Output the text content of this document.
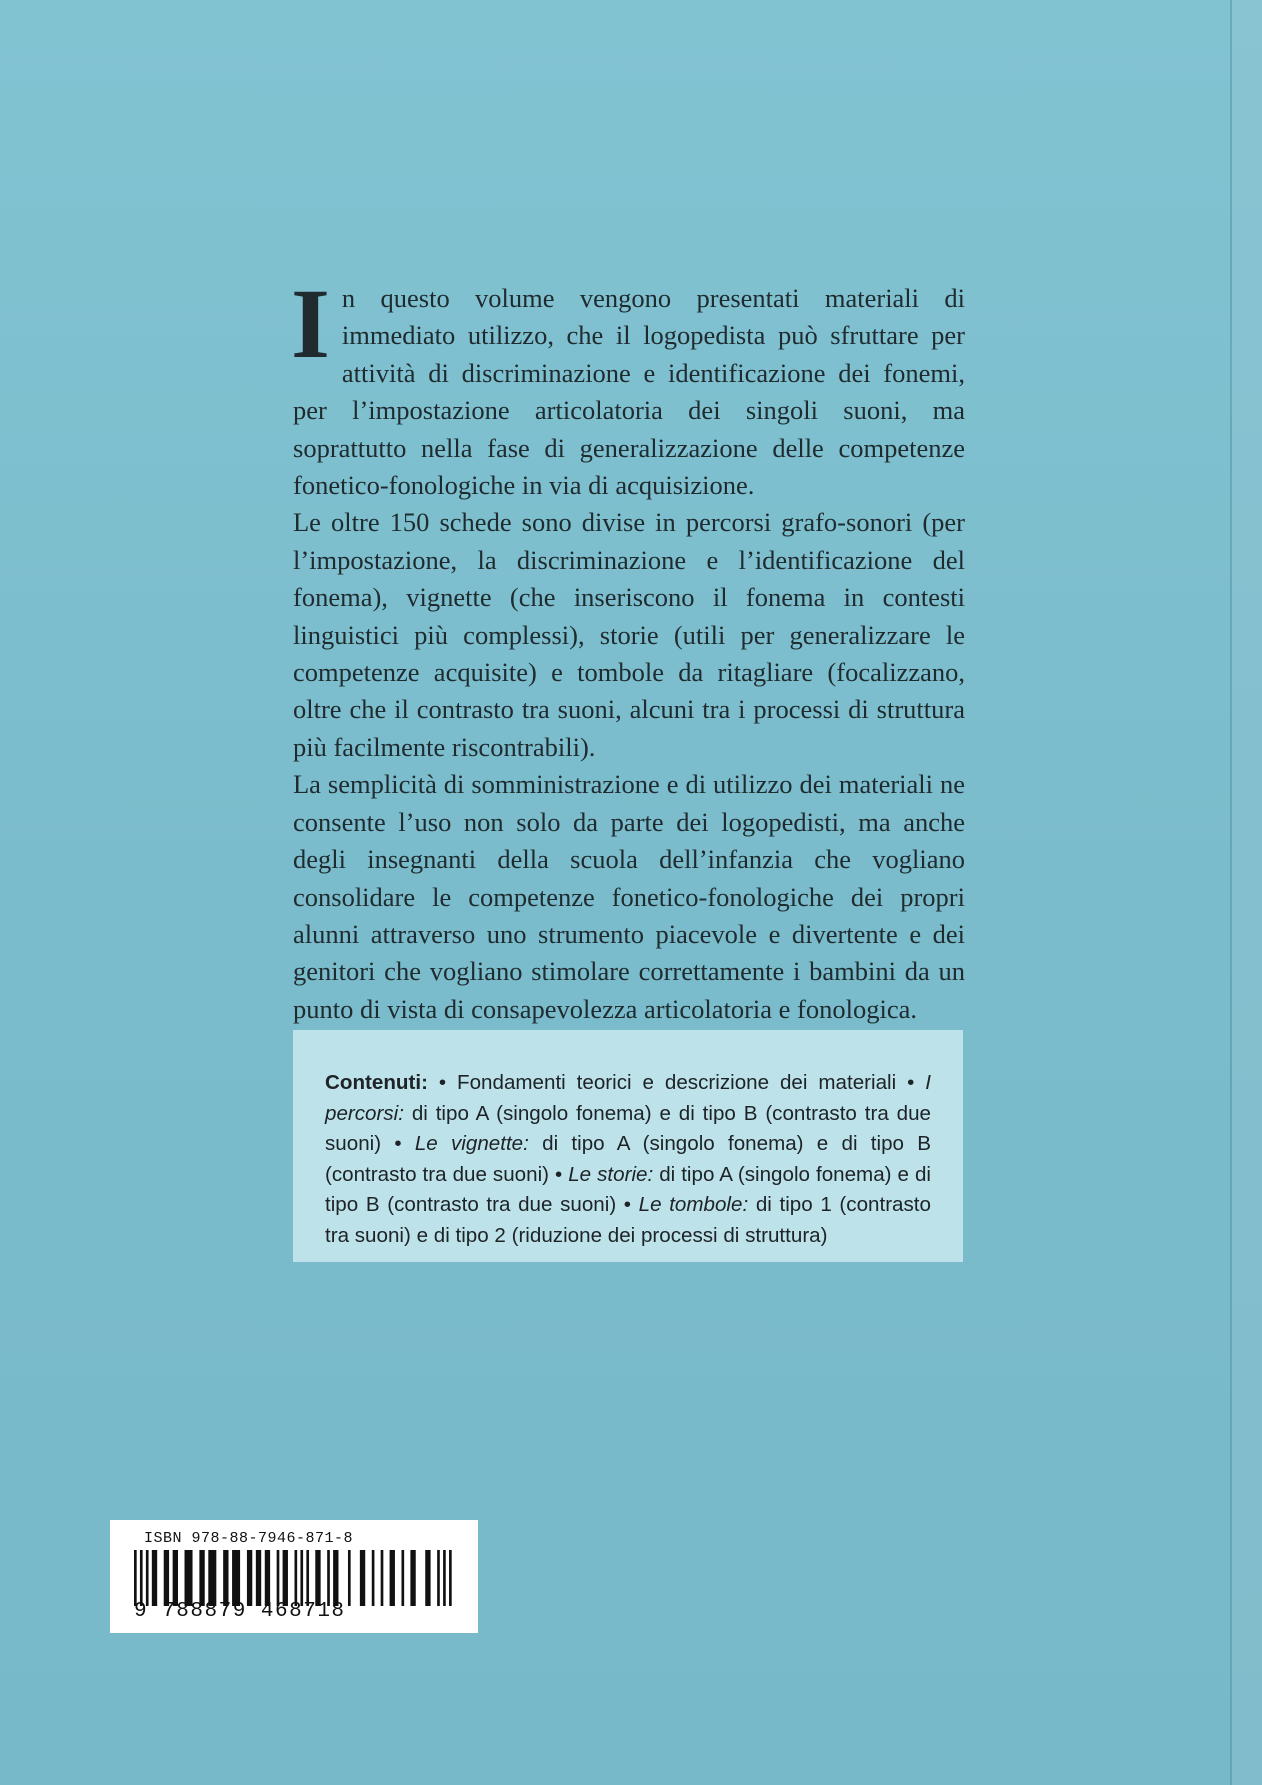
In questo volume vengono presentati materiali di immediato utilizzo, che il logopedista può sfruttare per attività di discriminazione e identificazione dei fonemi, per l’impostazione articolatoria dei singoli suoni, ma soprattutto nella fase di generalizzazione delle competenze fonetico-fonologiche in via di acquisizione.

Le oltre 150 schede sono divise in percorsi grafo-sonori (per l’impostazione, la discriminazione e l’identificazione del fonema), vignette (che inseriscono il fonema in contesti linguistici più complessi), storie (utili per generalizzare le competenze acquisite) e tombole da ritagliare (focalizzano, oltre che il contrasto tra suoni, alcuni tra i processi di struttura più facilmente riscontrabili).

La semplicità di somministrazione e di utilizzo dei materiali ne consente l’uso non solo da parte dei logopedisti, ma anche degli insegnanti della scuola dell’infanzia che vogliano consolidare le competenze fonetico-fonologiche dei propri alunni attraverso uno strumento piacevole e divertente e dei genitori che vogliano stimolare correttamente i bambini da un punto di vista di consapevolezza articolatoria e fonologica.

Contenuti: • Fondamenti teorici e descrizione dei materiali • I percorsi: di tipo A (singolo fonema) e di tipo B (contrasto tra due suoni) • Le vignette: di tipo A (singolo fonema) e di tipo B (contrasto tra due suoni) • Le storie: di tipo A (singolo fonema) e di tipo B (contrasto tra due suoni) • Le tombole: di tipo 1 (contrasto tra suoni) e di tipo 2 (riduzione dei processi di struttura)
ISBN 978-88-7946-871-8
9 788879 468718
